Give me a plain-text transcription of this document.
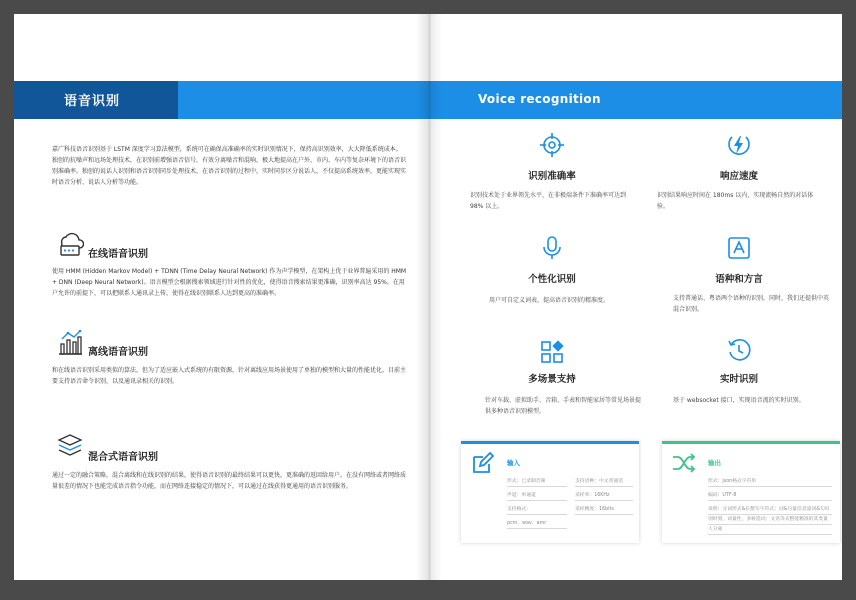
语音识别
嘉广科技语音识别基于 LSTM 深度学习算法模型，系统可在确保高准确率的实时识别情况下，保持高识别效率，大大降低系统成本。独创的抗噪声和远场处理技术，在识别前增强语音信号，有效分离噪音和混响，极大地提高在户外、市内、车内等复杂环境下的语音识别准确率。独创的说话人识别和语音识别同步处理技术，在语音识别的过程中，实时同步区分说话人，不仅提高系统效率，更能实现实时语音分析、说话人分析等功能。
在线语音识别
使用 HMM (Hidden Markov Model) + TDNN (Time Delay Neural Network) 作为声学模型，在架构上优于业界普遍采用的 HMM + DNN (Deep Neural Network)。语言模型会根据搜索领域进行针对性的优化，使得语音搜索结果更准确，识别率高达 95%。在用户允许的前提下，可以把联系人通讯录上传，使得在线识别联系人达到更高的准确率。
离线语音识别
和在线语音识别采用类似的算法，但为了适应嵌入式系统的有限资源，针对离线应用场景使用了单独的模型和大量的性能优化。目前主要支持语音命令识别，以及通讯录相关的识别。
混合式语音识别
通过一定的融合策略，混合离线和在线识别的结果，使得语音识别的最终结果可以更快，更准确的返回给用户。在没有网络或者网络质量很差的情况下也能完成语音指令功能，而在网络连接稳定的情况下，可以通过在线获得更通用的语音识别服务。
Voice recognition
识别准确率
识别技术处于业界领先水平，在非极端条件下准确率可达到 98% 以上。
响应速度
识别结果响应时间在 180ms 以内，实现流畅自然的对话体验。
个性化识别
用户可自定义词表，提高语音识别的精准度。
语种和方言
支持普通话、粤语两个语种的识别，同时，我们还提供中英混合识别。
多场景支持
针对车载、虚拟助手、音箱、手表和智能家居等常见场景提供多种语音识别模型。
实时识别
基于 websocket 接口，实现语音流的实时识别。
输入
形式：已录制音频
声道：单通道
支持格式：
pcm、wav、amr
支持语种：中文普通话
采样率：16KHz
采样精度：16bits
输出
形式：json格式字符串
编码：UTF-8
说明：分词形式&长整句字符式；词&句量信息量词&句识别时刻，词量性，多候选词；文语等式整能精准的其类量人分离
